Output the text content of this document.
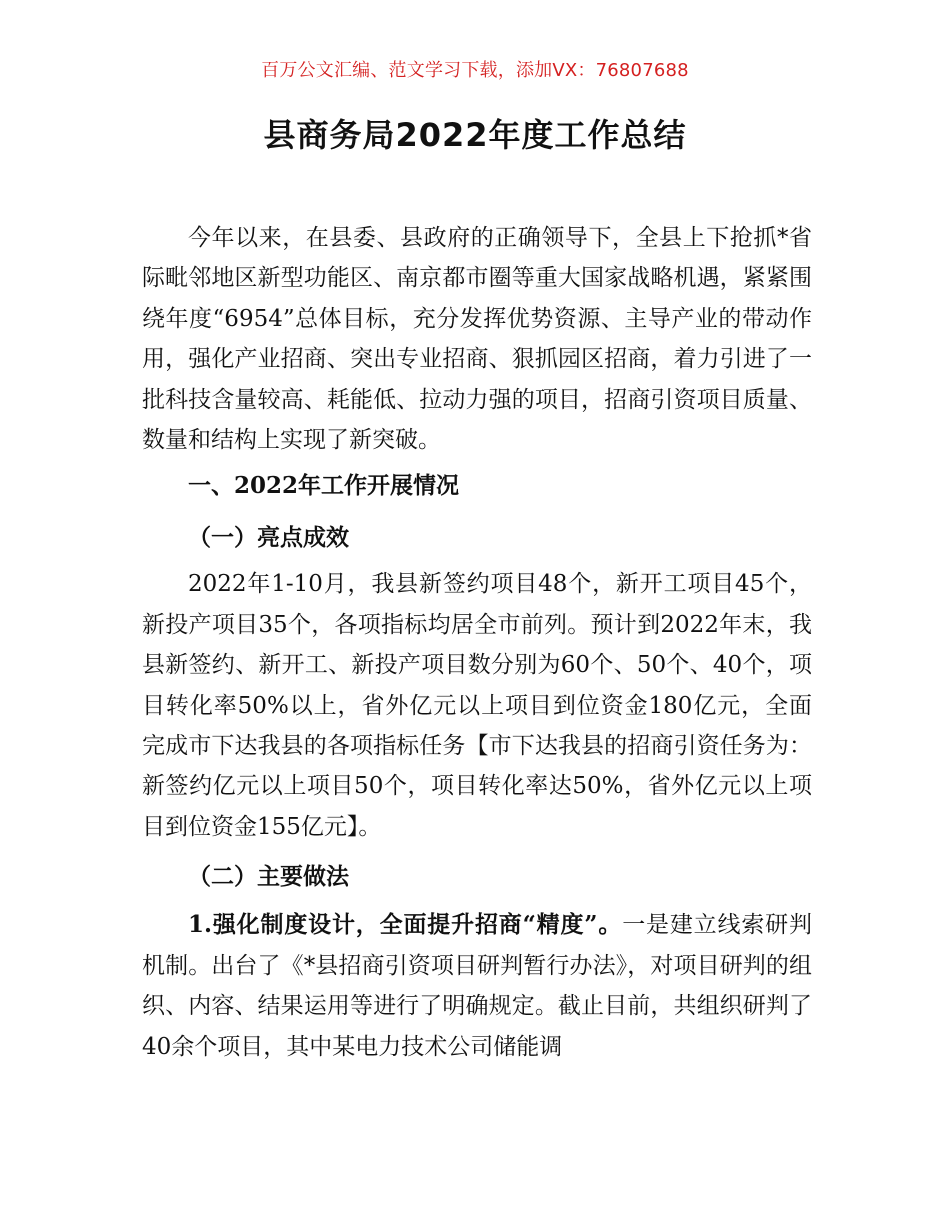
百万公文汇编、范文学习下载，添加VX：76807688
县商务局2022年度工作总结

今年以来，在县委、县政府的正确领导下，全县上下抢抓*省际毗邻地区新型功能区、南京都市圈等重大国家战略机遇，紧紧围绕年度“6954”总体目标，充分发挥优势资源、主导产业的带动作用，强化产业招商、突出专业招商、狠抓园区招商，着力引进了一批科技含量较高、耗能低、拉动力强的项目，招商引资项目质量、数量和结构上实现了新突破。

一、2022年工作开展情况

（一）亮点成效

2022年1-10月，我县新签约项目48个，新开工项目45个，新投产项目35个，各项指标均居全市前列。预计到2022年末，我县新签约、新开工、新投产项目数分别为60个、50个、40个，项目转化率50%以上，省外亿元以上项目到位资金180亿元，全面完成市下达我县的各项指标任务【市下达我县的招商引资任务为：新签约亿元以上项目50个，项目转化率达50%，省外亿元以上项目到位资金155亿元】。

（二）主要做法

1.强化制度设计，全面提升招商“精度”。一是建立线索研判机制。出台了《*县招商引资项目研判暂行办法》，对项目研判的组织、内容、结果运用等进行了明确规定。截止目前，共组织研判了40余个项目，其中某电力技术公司储能调
